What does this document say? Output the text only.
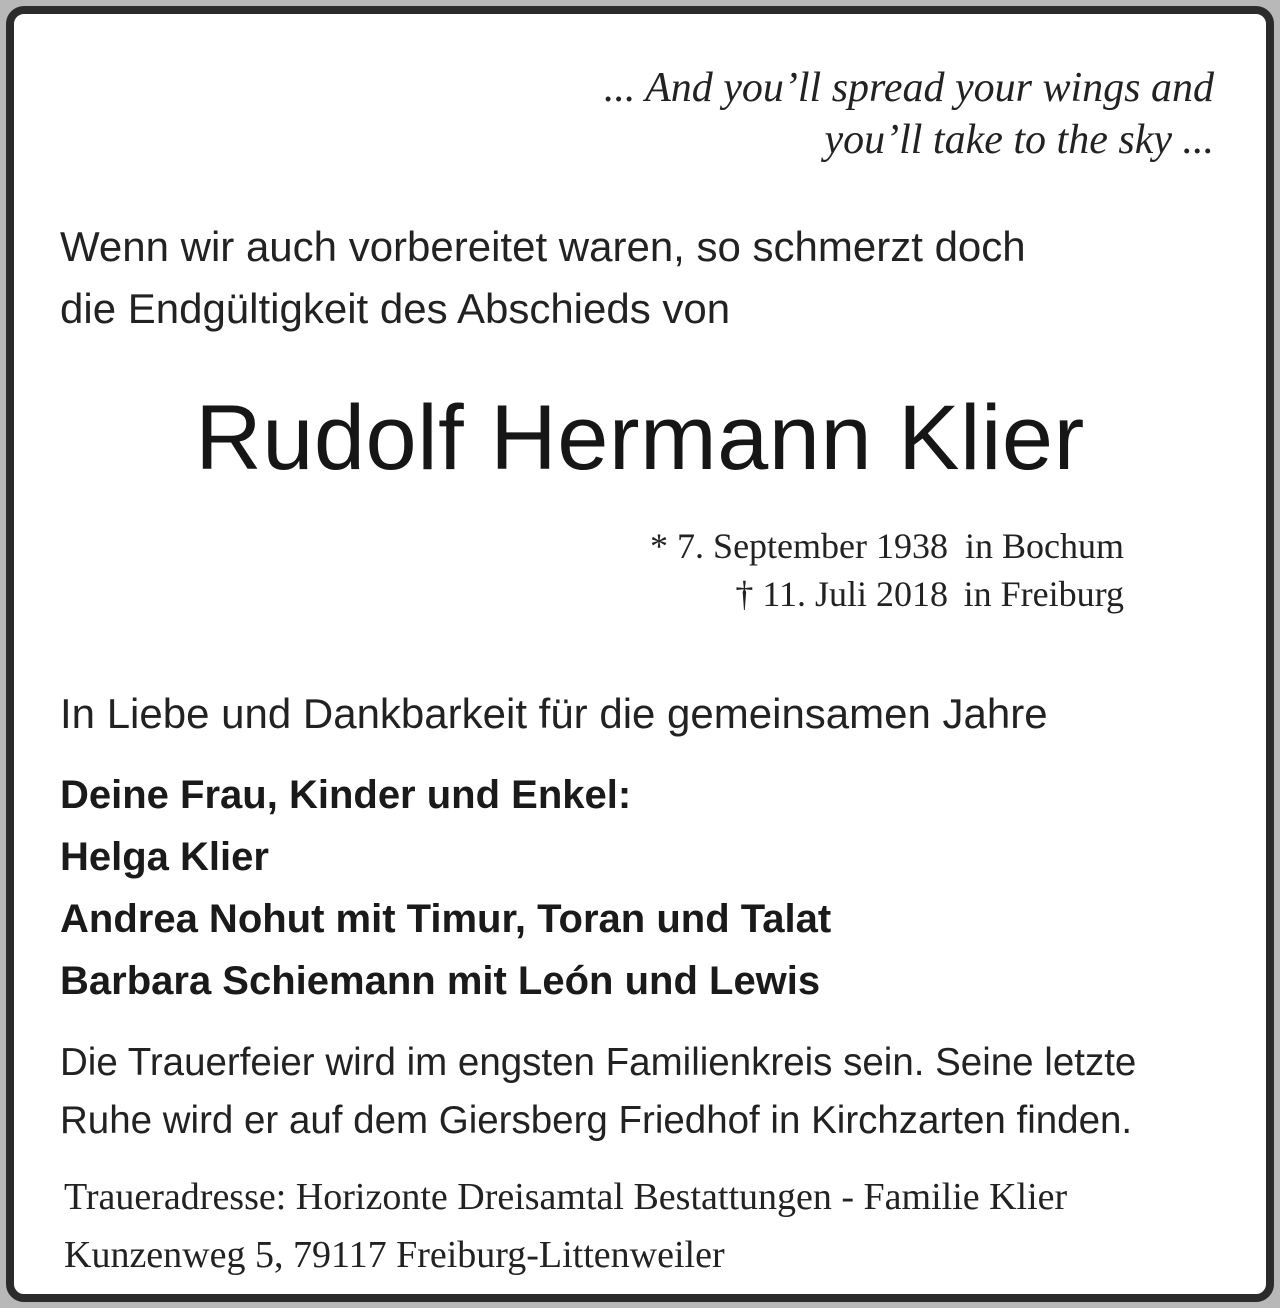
... And you’ll spread your wings and
you’ll take to the sky ...
Wenn wir auch vorbereitet waren, so schmerzt doch
die Endgültigkeit des Abschieds von
Rudolf Hermann Klier
* 7. September 1938 in Bochum
† 11. Juli 2018 in Freiburg
In Liebe und Dankbarkeit für die gemeinsamen Jahre
Deine Frau, Kinder und Enkel:
Helga Klier
Andrea Nohut mit Timur, Toran und Talat
Barbara Schiemann mit León und Lewis
Die Trauerfeier wird im engsten Familienkreis sein. Seine letzte
Ruhe wird er auf dem Giersberg Friedhof in Kirchzarten finden.
Traueradresse: Horizonte Dreisamtal Bestattungen - Familie Klier
Kunzenweg 5, 79117 Freiburg-Littenweiler
